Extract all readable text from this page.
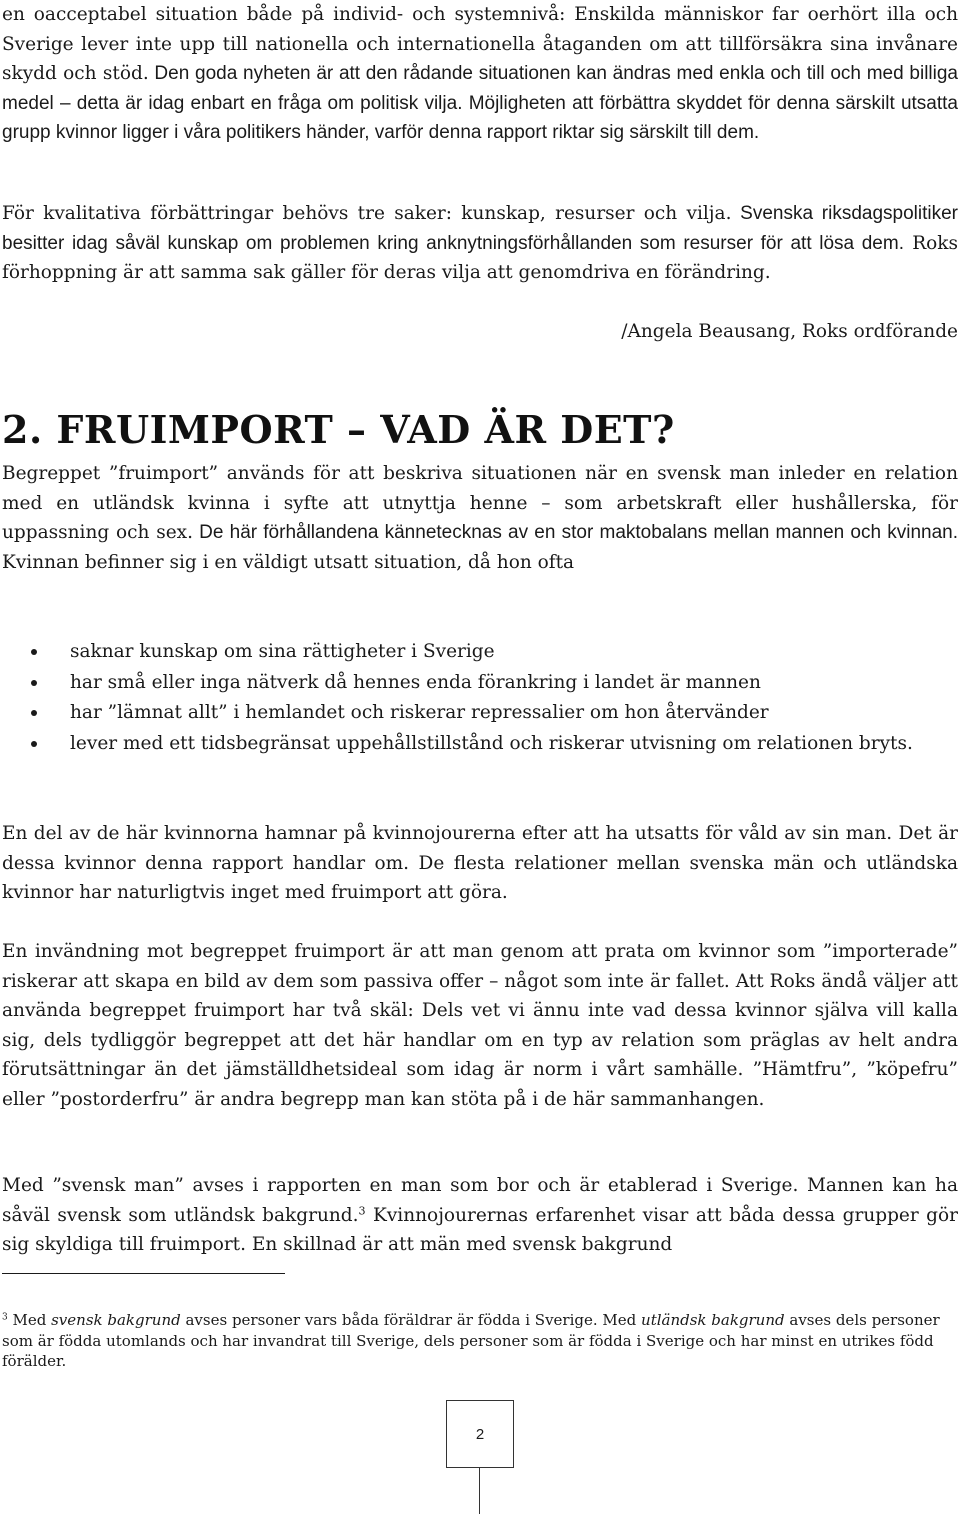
en oacceptabel situation både på individ- och systemnivå: Enskilda människor far oerhört illa och Sverige lever inte upp till nationella och internationella åtaganden om att tillförsäkra sina invånare skydd och stöd. Den goda nyheten är att den rådande situationen kan ändras med enkla och till och med billiga medel – detta är idag enbart en fråga om politisk vilja. Möjligheten att förbättra skyddet för denna särskilt utsatta grupp kvinnor ligger i våra politikers händer, varför denna rapport riktar sig särskilt till dem.

För kvalitativa förbättringar behövs tre saker: kunskap, resurser och vilja. Svenska riksdagspolitiker besitter idag såväl kunskap om problemen kring anknytningsförhållanden som resurser för att lösa dem. Roks förhoppning är att samma sak gäller för deras vilja att genomdriva en förändring.

/Angela Beausang, Roks ordförande

2. FRUIMPORT – VAD ÄR DET?

Begreppet ”fruimport” används för att beskriva situationen när en svensk man inleder en relation med en utländsk kvinna i syfte att utnyttja henne – som arbetskraft eller hushållerska, för uppassning och sex. De här förhållandena kännetecknas av en stor maktobalans mellan mannen och kvinnan. Kvinnan befinner sig i en väldigt utsatt situation, då hon ofta

saknar kunskap om sina rättigheter i Sverige
har små eller inga nätverk då hennes enda förankring i landet är mannen
har ”lämnat allt” i hemlandet och riskerar repressalier om hon återvänder
lever med ett tidsbegränsat uppehållstillstånd och riskerar utvisning om relationen bryts.

En del av de här kvinnorna hamnar på kvinnojourerna efter att ha utsatts för våld av sin man. Det är dessa kvinnor denna rapport handlar om. De flesta relationer mellan svenska män och utländska kvinnor har naturligtvis inget med fruimport att göra.

En invändning mot begreppet fruimport är att man genom att prata om kvinnor som ”importerade” riskerar att skapa en bild av dem som passiva offer – något som inte är fallet. Att Roks ändå väljer att använda begreppet fruimport har två skäl: Dels vet vi ännu inte vad dessa kvinnor själva vill kalla sig, dels tydliggör begreppet att det här handlar om en typ av relation som präglas av helt andra förutsättningar än det jämställdhetsideal som idag är norm i vårt samhälle. ”Hämtfru”, ”köpefru” eller ”postorderfru” är andra begrepp man kan stöta på i de här sammanhangen.

Med ”svensk man” avses i rapporten en man som bor och är etablerad i Sverige. Mannen kan ha såväl svensk som utländsk bakgrund.$^3$ Kvinnojourernas erfarenhet visar att båda dessa grupper gör sig skyldiga till fruimport. En skillnad är att män med svensk bakgrund

$^3$ Med svensk bakgrund avses personer vars båda föräldrar är födda i Sverige. Med utländsk bakgrund avses dels personer som är födda utomlands och har invandrat till Sverige, dels personer som är födda i Sverige och har minst en utrikes född förälder.

2
